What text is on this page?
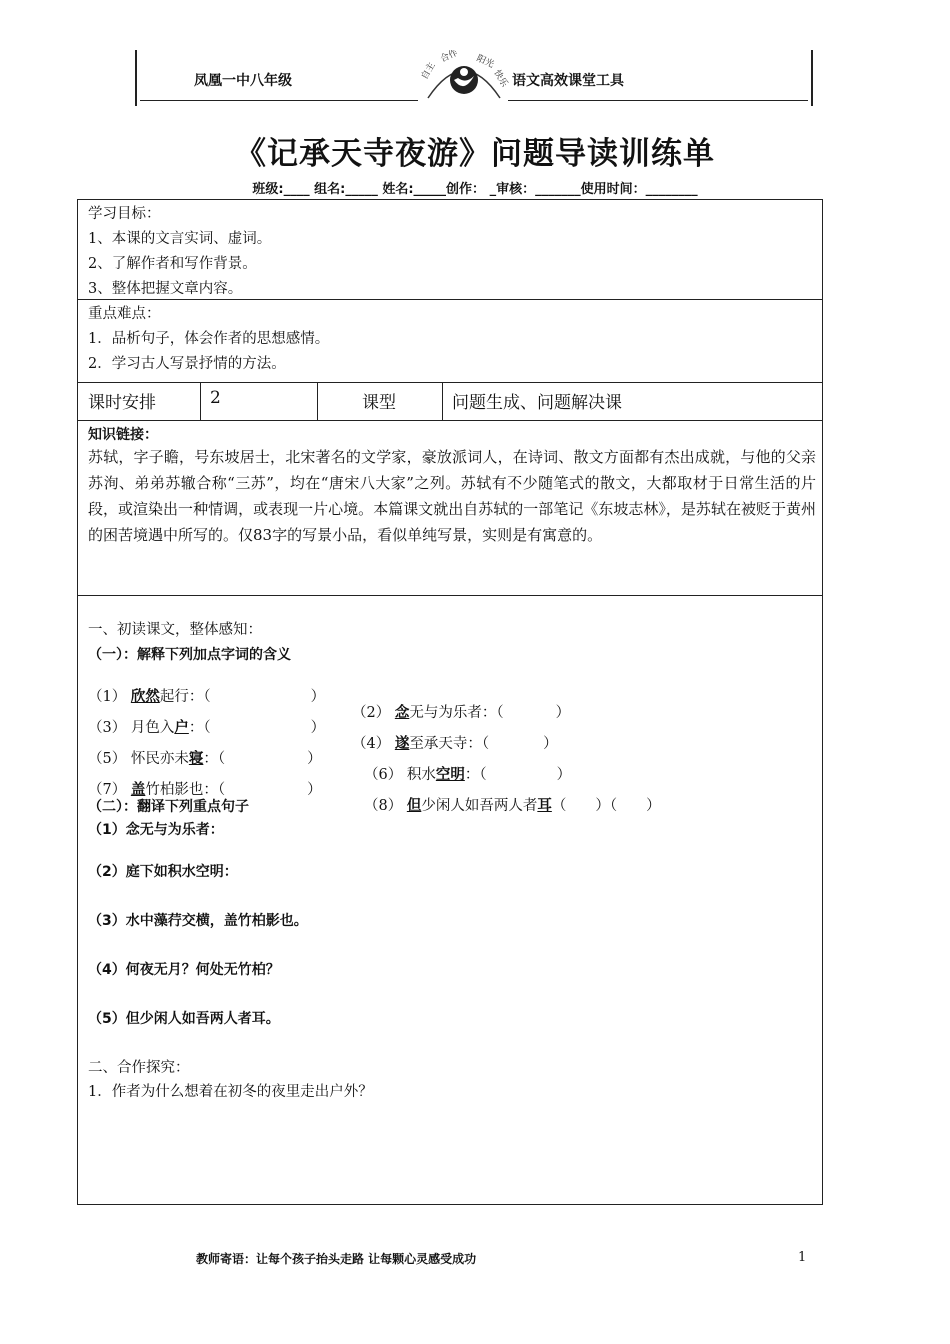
凤凰一中八年级	语文高效课堂工具
自主
合作 阳光
快乐
《记承天寺夜游》问题导读训练单
班级:____ 组名:_____ 姓名:_____创作： _审核：_______使用时间：________
学习目标：
1、本课的文言实词、虚词。
2、了解作者和写作背景。
3、整体把握文章内容。
重点难点：
1．品析句子，体会作者的思想感情。
2．学习古人写景抒情的方法。
课时安排	2	课型	问题生成、问题解决课
知识链接：
苏轼，字子瞻，号东坡居士，北宋著名的文学家，豪放派词人，在诗词、散文方面都有杰出成就，与他的父亲苏洵、弟弟苏辙合称“三苏”，均在“唐宋八大家”之列。苏轼有不少随笔式的散文，大都取材于日常生活的片段，或渲染出一种情调，或表现一片心境。本篇课文就出自苏轼的一部笔记《东坡志林》，是苏轼在被贬于黄州的困苦境遇中所写的。仅83字的写景小品，看似单纯写景，实则是有寓意的。
一、初读课文，整体感知：
（一）：解释下列加点字词的含义

（1） 欣然起行：（	）

（2） 念无与为乐者：（	）

（3） 月色入户：（	）

（4） 遂至承天寺：（	）

（5） 怀民亦未寝：（	）

（6） 积水空明：（	）

（7） 盖竹柏影也：（	）

（8） 但少闲人如吾两人者耳（　　）（　　）

（二）：翻译下列重点句子
（1）念无与为乐者：
（2）庭下如积水空明：
（3）水中藻荇交横，盖竹柏影也。
（4）何夜无月？何处无竹柏？
（5）但少闲人如吾两人者耳。
二、合作探究：
1．作者为什么想着在初冬的夜里走出户外？
教师寄语：让每个孩子抬头走路 让每颗心灵感受成功	1
